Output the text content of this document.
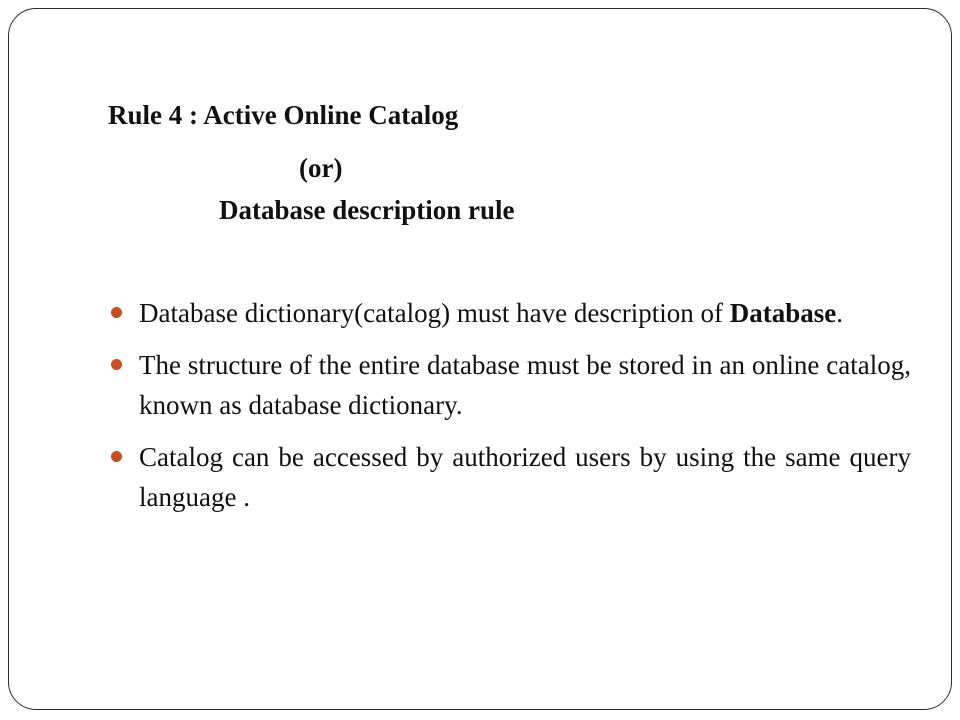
Rule 4 : Active Online Catalog
(or)
Database description rule
Database dictionary(catalog) must have description of Database.
The structure of the entire database must be stored in an online catalog, known as database dictionary.
Catalog can be accessed by authorized users by using the same query language .
